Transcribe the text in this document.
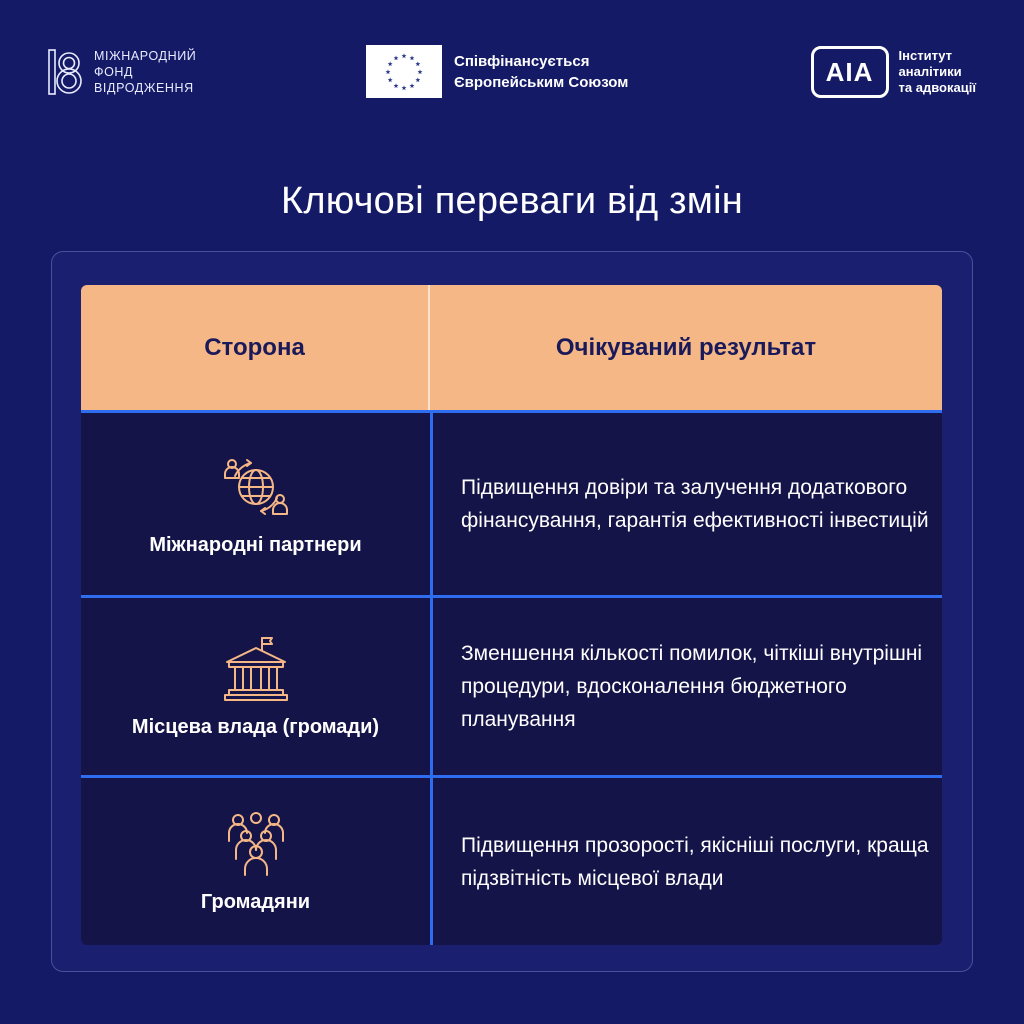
МІЖНАРОДНИЙ
ФОНД
ВІДРОДЖЕННЯ
Співфінансується
Європейським Союзом	AIA
Інститут
аналітики
та адвокації
Ключові переваги від змін
Сторона	Очікуваний результат
Міжнародні партнери
Підвищення довіри та залучення додаткового фінансування, гарантія ефективності інвестицій
Місцева влада (громади)
Зменшення кількості помилок, чіткіші внутрішні процедури, вдосконалення бюджетного планування
Громадяни
Підвищення прозорості, якісніші послуги, краща підзвітність місцевої влади
